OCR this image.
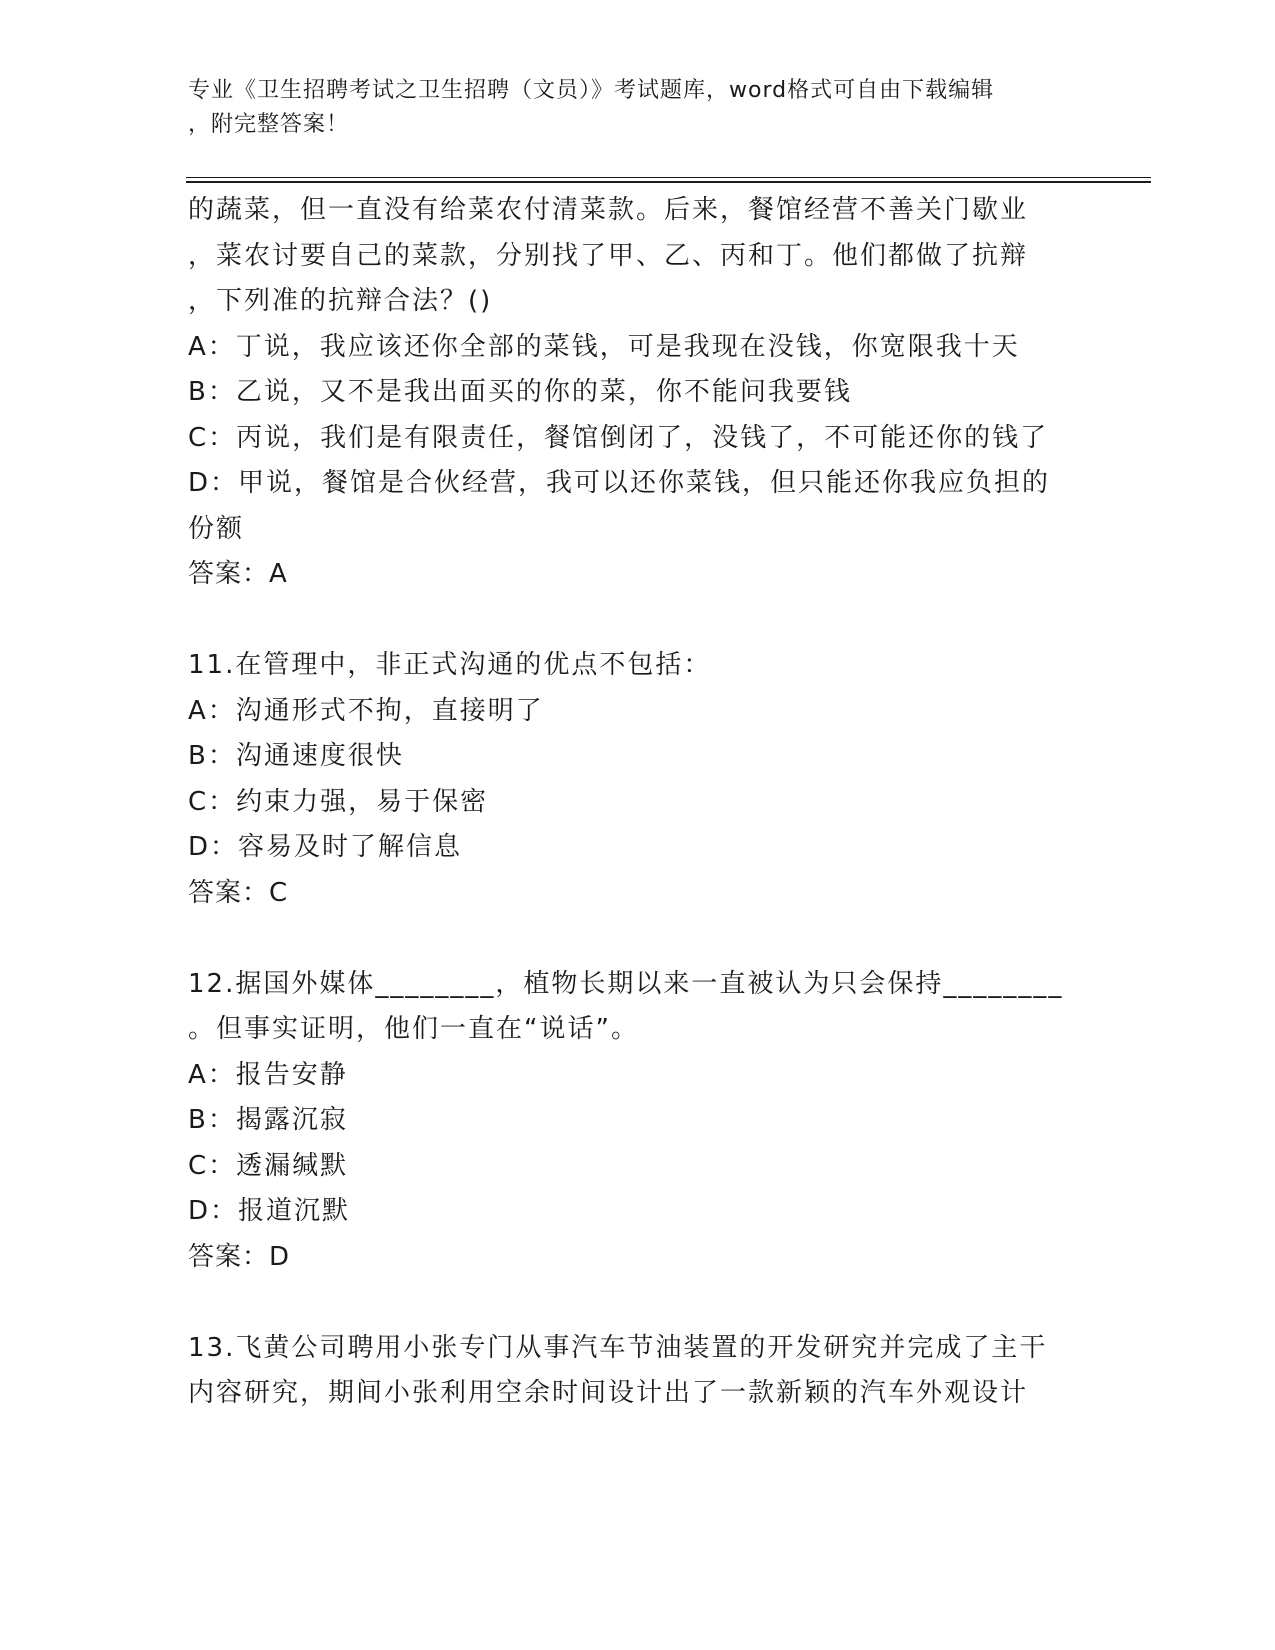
专业《卫生招聘考试之卫生招聘（文员）》考试题库，word格式可自由下载编辑
，附完整答案！
的蔬菜，但一直没有给菜农付清菜款。后来，餐馆经营不善关门歇业
，菜农讨要自己的菜款，分别找了甲、乙、丙和丁。他们都做了抗辩
，下列准的抗辩合法？()
A：丁说，我应该还你全部的菜钱，可是我现在没钱，你宽限我十天
B：乙说，又不是我出面买的你的菜，你不能问我要钱
C：丙说，我们是有限责任，餐馆倒闭了，没钱了，不可能还你的钱了
D：甲说，餐馆是合伙经营，我可以还你菜钱，但只能还你我应负担的
份额
答案：A
11.在管理中，非正式沟通的优点不包括：
A：沟通形式不拘，直接明了
B：沟通速度很快
C：约束力强，易于保密
D：容易及时了解信息
答案：C
12.据国外媒体________，植物长期以来一直被认为只会保持________
。但事实证明，他们一直在“说话”。
A：报告安静
B：揭露沉寂
C：透漏缄默
D：报道沉默
答案：D
13.飞黄公司聘用小张专门从事汽车节油装置的开发研究并完成了主干
内容研究，期间小张利用空余时间设计出了一款新颖的汽车外观设计
